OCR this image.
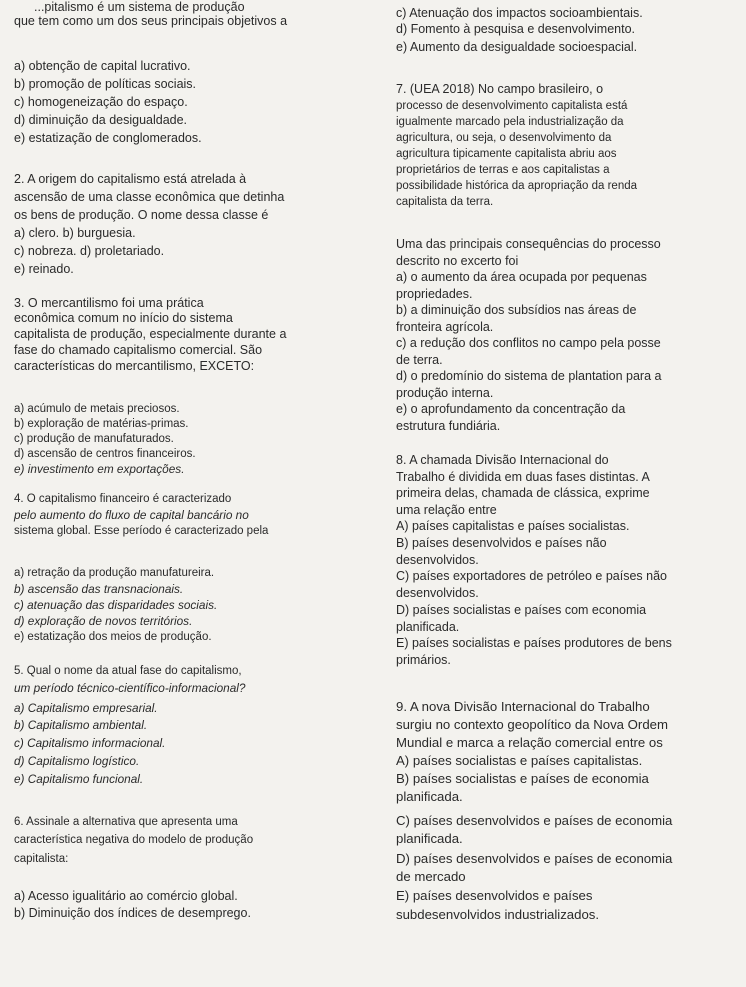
...pitalismo é um sistema de produção
que tem como um dos seus principais objetivos a
a) obtenção de capital lucrativo.
b) promoção de políticas sociais.
c) homogeneização do espaço.
d) diminuição da desigualdade.
e) estatização de conglomerados.
2. A origem do capitalismo está atrelada à
ascensão de uma classe econômica que detinha
os bens de produção. O nome dessa classe é
a) clero. b) burguesia.
c) nobreza. d) proletariado.
e) reinado.
3. O mercantilismo foi uma prática
econômica comum no início do sistema
capitalista de produção, especialmente durante a
fase do chamado capitalismo comercial. São
características do mercantilismo, EXCETO:
a) acúmulo de metais preciosos.
b) exploração de matérias-primas.
c) produção de manufaturados.
d) ascensão de centros financeiros.
e) investimento em exportações.
4. O capitalismo financeiro é caracterizado
pelo aumento do fluxo de capital bancário no
sistema global. Esse período é caracterizado pela
a) retração da produção manufatureira.
b) ascensão das transnacionais.
c) atenuação das disparidades sociais.
d) exploração de novos territórios.
e) estatização dos meios de produção.
5. Qual o nome da atual fase do capitalismo,
um período técnico-científico-informacional?
a) Capitalismo empresarial.
b) Capitalismo ambiental.
c) Capitalismo informacional.
d) Capitalismo logístico.
e) Capitalismo funcional.
6. Assinale a alternativa que apresenta uma
característica negativa do modelo de produção
capitalista:
a) Acesso igualitário ao comércio global.
b) Diminuição dos índices de desemprego.
c) Atenuação dos impactos socioambientais.
d) Fomento à pesquisa e desenvolvimento.
e) Aumento da desigualdade socioespacial.
7. (UEA 2018) No campo brasileiro, o
processo de desenvolvimento capitalista está
igualmente marcado pela industrialização da
agricultura, ou seja, o desenvolvimento da
agricultura tipicamente capitalista abriu aos
proprietários de terras e aos capitalistas a
possibilidade histórica da apropriação da renda
capitalista da terra.
Uma das principais consequências do processo
descrito no excerto foi
a) o aumento da área ocupada por pequenas
propriedades.
b) a diminuição dos subsídios nas áreas de
fronteira agrícola.
c) a redução dos conflitos no campo pela posse
de terra.
d) o predomínio do sistema de plantation para a
produção interna.
e) o aprofundamento da concentração da
estrutura fundiária.
8. A chamada Divisão Internacional do
Trabalho é dividida em duas fases distintas. A
primeira delas, chamada de clássica, exprime
uma relação entre
A) países capitalistas e países socialistas.
B) países desenvolvidos e países não
desenvolvidos.
C) países exportadores de petróleo e países não
desenvolvidos.
D) países socialistas e países com economia
planificada.
E) países socialistas e países produtores de bens
primários.
9. A nova Divisão Internacional do Trabalho
surgiu no contexto geopolítico da Nova Ordem
Mundial e marca a relação comercial entre os
A) países socialistas e países capitalistas.
B) países socialistas e países de economia
planificada.
C) países desenvolvidos e países de economia
planificada.
D) países desenvolvidos e países de economia
de mercado
E) países desenvolvidos e países
subdesenvolvidos industrializados.
